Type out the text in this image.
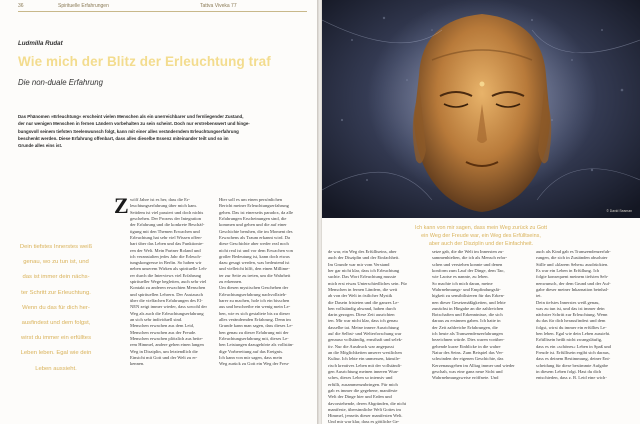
36	Spirituelle Erfahrungen	Tattva Viveka 77
Ludmilla Rudat
Wie mich der Blitz der Erleuchtung traf
Die non-duale Erfahrung
Das Phänomen »Erleuchtung« erscheint vielen Menschen als ein unerreichbarer und fernliegender Zustand,
der nur wenigen Menschen in fernen Ländern vorbehalten zu sein scheint. Doch nur erstrebenswert und hinge-
bungsvoll seinem tiefsten Seelenwunsch folgt, kann mit einer alles veränderndem Erleuchtungserfahrung
beschenkt werden. Diese Erfahrung offenbart, dass alles dieselbe Essenz miteinander teilt und so im
Grunde alles eins ist.
Dein tiefstes Innerstes weiß
genau, wo zu tun ist, und
das ist immer dein nächs-
ter Schritt zur Erleuchtung.
Wenn du das für dich her-
ausfindest und dem folgst,
wirst du immer ein erfülltes
Leben leben. Egal wie dein
Leben aussieht.
Z wölf Jahre ist es her, dass die Er-
leuchtungserfahrung über mich kam.
Seitdem ist viel passiert und doch nichts
geschehen. Der Prozess der Integration
der Erfahrung und die konkrete Beschäf-
tigung mit den Themen Erwachen und
Erleuchtung hat sehr viel Wissen offen-
bart über das Leben und das Funktionie-
ren der Welt. Mein Partner Roland und
ich veranstalten jedes Jahr die Erleuch-
tungskongresse in Berlin. So haben wir
neben unserem Wirken als spirituelle Leh-
rer durch die Interviews viel Erfahrung
spiritueller Wege begleiten, auch sehr viel
Kontakt zu anderen erwachten Menschen
und spirituellen Lehrern. Der Austausch
über die vielfachen Erfahrungen des El-
NEN zeigt immer wieder, dass sowohl der
Weg als auch die Erleuchtungserfahrung
an sich sehr individuell sind.
Menschen erwachen aus dem Leid,
Menschen erwachen aus der Freude.
Menschen erwachen plötzlich aus heite-
rem Himmel, andere gehen einen langen
Weg in Disziplin, um letztendlich die
Einsicht mit Gott und der Welt zu er-
kennen.
Hier soll es um einen persönlichen
Bericht meiner Erleuchtungserfahrung
gehen. Das ist einerseits paradox, da alle
Erfahrungen Erscheinungen sind, die
kommen und gehen und die auf einer
Geschichte beruhen, die im Moment des
Erwachens als Traum erkannt wird. Da
diese Geschichte aber weder real noch
nicht real ist und vor dem Erwachen von
großer Bedeutung ist, kann doch etwas
dazu gesagt werden, was bedeutend ist
und vielleicht hilft, den einen Millime-
ter zur Seite zu treten, um die Wahrheit
zu erkennen.
Um diesen mystischen Geschehen der
Erleuchtungserfahrung nachvollzieh-
barer zu machen, hole ich ein bisschen
aus und beschreibe ein wenig mein Le-
ben, wie es sich gestaltete bis zu dieser
alles verändernden Erfahrung. Denn im
Grunde kann man sagen, dass dieses Le-
ben genau zu dieser Erfahrung mit der
Erleuchtungserfahrung mit, dieses Le-
ben Leistungen dazugehörte als vollstän-
dige Vorbereitung auf das Ereignis.
Ich kann von mir sagen, dass mein
Weg zurück zu Gott ein Weg der Freu-
© David Seaman
Ich kann von mir sagen, dass mein Weg zurück zu Gott
ein Weg der Freude war, ein Weg des Erfülltseins,
aber auch der Disziplin und der Einfachheit.
de war, ein Weg des Erfülltseins, aber
auch der Disziplin und der Einfachheit.
Im Grunde war mir vom Verstand
her gar nicht klar, dass ich Erleuchtung
suchte. Das Wort Erleuchtung musste
mich erst etwas Unterschiedliches sein. Für
Menschen in fernen Ländern, die weit
ab von der Welt in östlicher Mystik
die Dasein fristeten und die ganzes Le-
ben vollständig abwand, haben durch
darin gezogen. Diese Zeit ausrichten
ten. Mir war nicht klar, dass ich genau
dasselbe tat. Meine innere Ausrichtung
auf die Selbst- und Welterforschung war
genauso vollständig, ernsthaft und selek-
tiv. Nur die Ausdruck war angepasst
an die Möglichkeiten unserer westlichen
Kultur. Ich lebte ein unmessen, künstle-
risch kreatives Leben mit der vollständi-
gen Ausrichtung meinen inneren Wun-
sches, dieses Leben so intensiv und
erfüllt, zusammenzubringen. Für mich
gab es immer die gegebene, manifeste
Welt der Dinge hier und Erden und
davorstehende, deren Abgründen, die nicht
manifeste, übersinnliche Welt Gottes im
Himmel, jenseits dieser manifesten Welt.
Und mir war klar, dass es göttliche Ge-
setze gab, die die Welt im Innersten zu-
sammenhielten, die ich als Mensch erfor-
schen und verstehen konnte und denen
konform zum Lauf der Dinge, dem Tao,
wie Laotse es nannte, zu leben.
So machte ich mich daran, meine
Wahrnehmungs- und Empfindungsfä-
higkeit zu sensibilisieren für das Erken-
nen dieser Gesetzmäßigkeiten, und lebte
zunächst in Hingabe an die zahlreichen
Botschaften und Erkenntnisse, die sich
daraus zu ersinnen gaben. Ich hatte in
der Zeit zahlreiche Erfahrungen, die
ich heute als Transzendenzerfahrungen
bezeichnen würde. Dies waren vorüber-
gehende kurze Einblicke in die wahre
Natur des Seins. Zum Beispiel das Ver-
schwinden der eigenen Geschichte, das
Kerzenausgehen im Alltag immer und wieder
geschah, was eine ganz neue Sicht und
Wahrnehmungsweise eröffnete. Und
auch als Kind gab es Transzendenzerfah-
rungen, die sich in Zuständen absoluter
Stille und »klarem Sehen« ausdrückten.
Es war ein Leben in Erfüllung. Ich
folgte konsequent meinem tiefsten Seh-
nenwunsch, der dem Grund und der Auf-
gabe dieser meiner Inkarnation beinhal-
tet.
Dein tiefstes Innerstes weiß genau,
was zu tun ist, und das ist immer dein
nächster Schritt zur Erleuchtung. Wenn
du das für dich herausfindest und dem
folgst, wirst du immer ein erfülltes Le-
ben leben. Egal wie dein Leben aussieht.
Erfülltsein heißt nicht zwangsläufig,
dass es ein »schönes« Leben in Spaß und
Freude ist. Erfülltsein ergibt sich daraus,
dass es deinem Bestimmung, deiner Ent-
scheidung für diese bestimmte Aufgabe
in diesem Leben folgt. Hast du dich
entschieden, dass z. B. Leid eine wich-
